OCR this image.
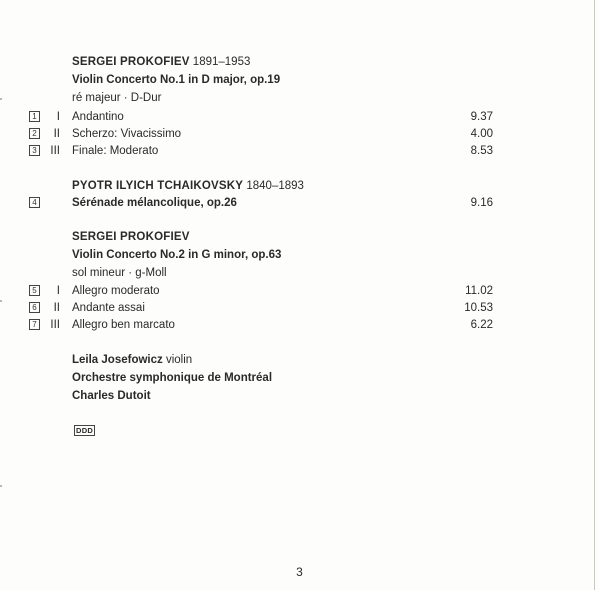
SERGEI PROKOFIEV 1891–1953
Violin Concerto No.1 in D major, op.19
ré majeur · D-Dur
1	I Andantino	9.37
2	II Scherzo: Vivacissimo	4.00
3	III Finale: Moderato	8.53
PYOTR ILYICH TCHAIKOVSKY 1840–1893
4	Sérénade mélancolique, op.26	9.16
SERGEI PROKOFIEV
Violin Concerto No.2 in G minor, op.63
sol mineur · g-Moll
5	I Allegro moderato	11.02
6	II Andante assai	10.53
7	III Allegro ben marcato	6.22
Leila Josefowicz violin
Orchestre symphonique de Montréal
Charles Dutoit
DDD
3
